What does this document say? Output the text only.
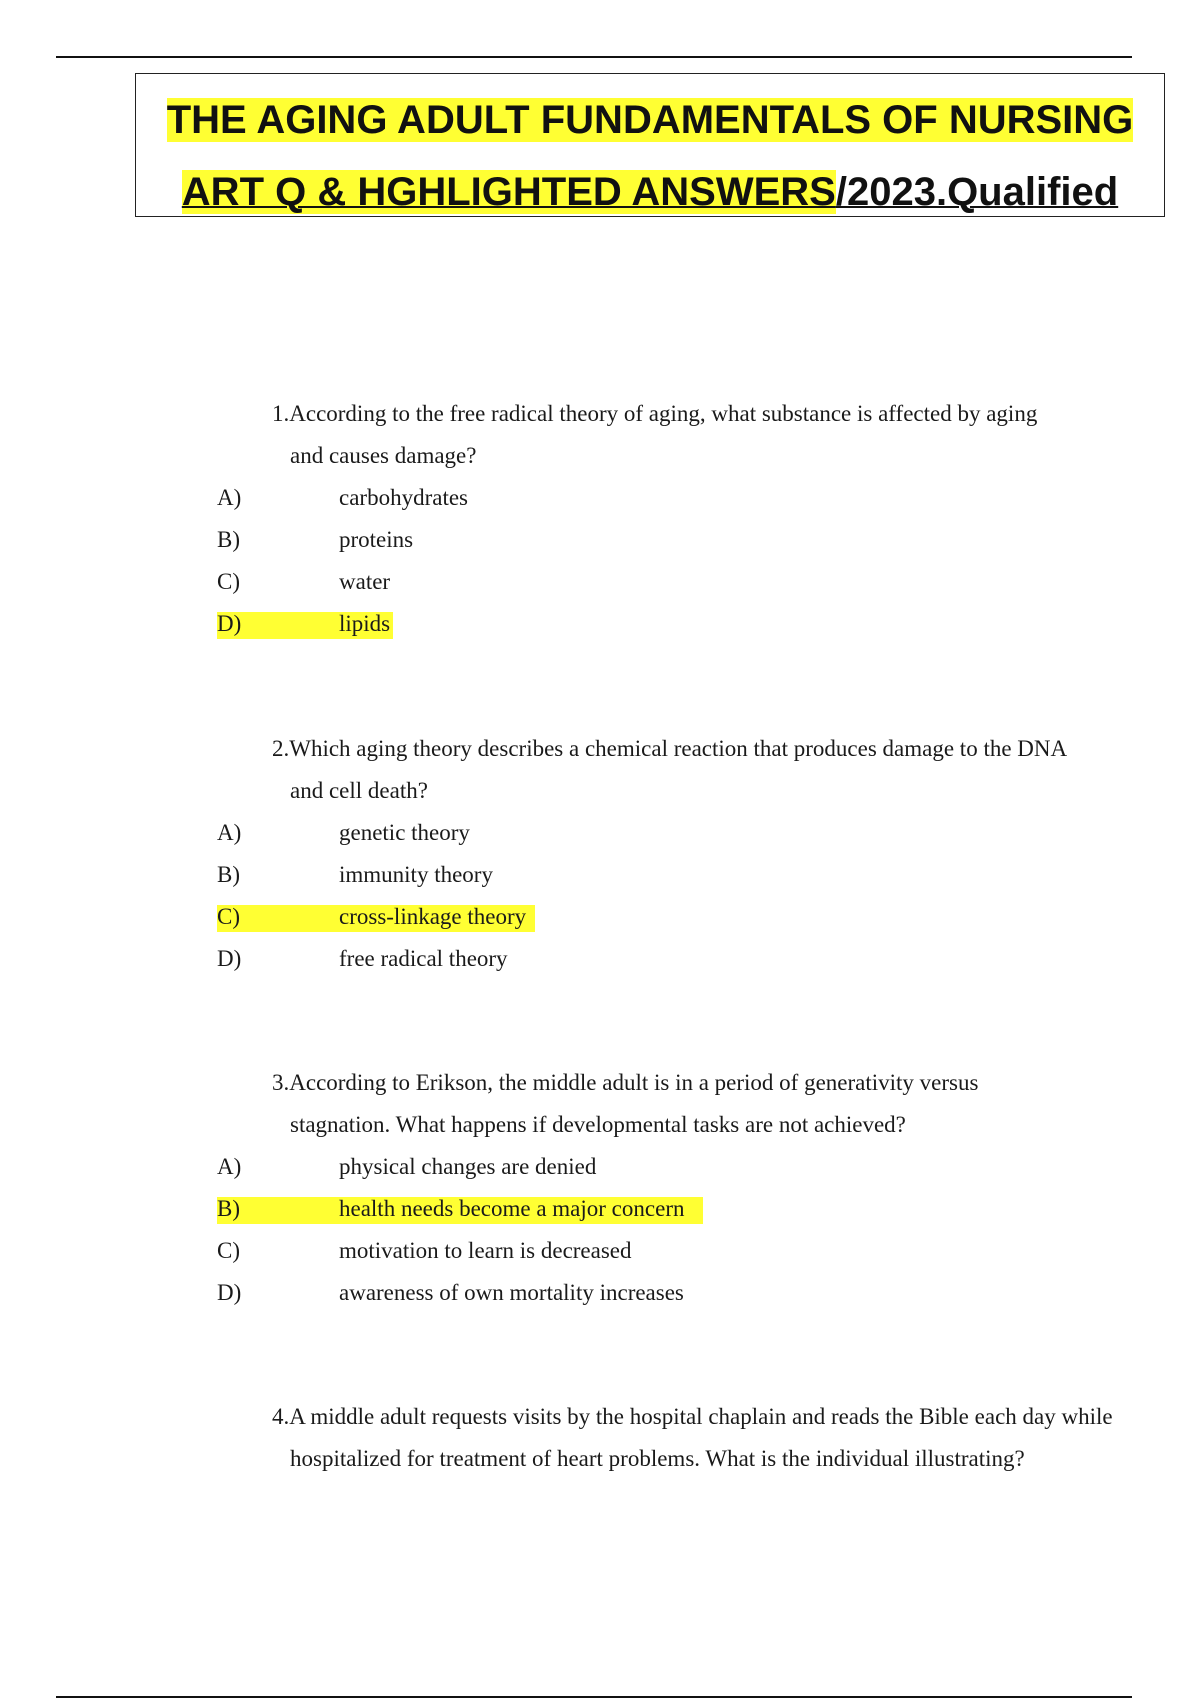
THE AGING ADULT FUNDAMENTALS OF NURSING
ART Q & HGHLIGHTED ANSWERS/2023.Qualified
1.According to the free radical theory of aging, what substance is affected by aging
and causes damage?
A)	carbohydrates
B)	proteins
C)	water
D)	lipids
2.Which aging theory describes a chemical reaction that produces damage to the DNA
and cell death?
A)	genetic theory
B)	immunity theory
C)	cross-linkage theory
D)	free radical theory
3.According to Erikson, the middle adult is in a period of generativity versus
stagnation. What happens if developmental tasks are not achieved?
A)	physical changes are denied
B)	health needs become a major concern
C)	motivation to learn is decreased
D)	awareness of own mortality increases
4.A middle adult requests visits by the hospital chaplain and reads the Bible each day while
hospitalized for treatment of heart problems. What is the individual illustrating?
